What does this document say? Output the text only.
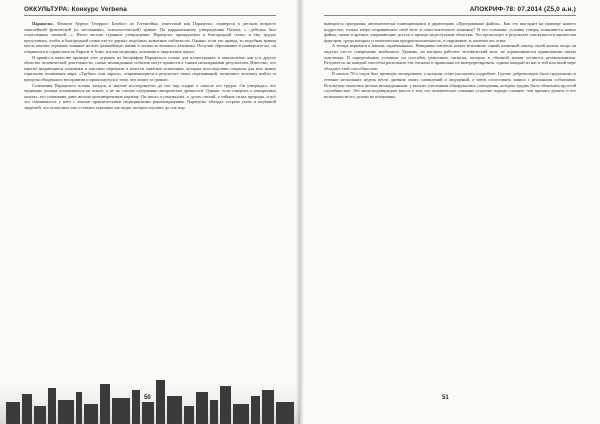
ОККУЛЬТУРА: Конкурс Verbena

Парацельс. Филипп Ауреол Теофраст Бомбаст из Гогенгейма, известный как Парацельс, подвергся в детском возрасте тяжелейшей физической (и, несомненно, психологической) травме. По кардинальному утверждению Палека, «…дебелых был оскопленных свиньей…». Итого весьма странное утверждение: Парацельс принадлежал к благородной семье, и ему трудно представить, чтобы в благородной семье кто-то держал подобных животных поблизости. Однако, если это правда, то подобная травма могла оказать огромное влияние на всю дальнейшую жизнь и личность великого алхимика. Получив образование в университетах, он отправился в странствия по Европе и Азии, изучая медицину, алхимию и оккультные науки.

Я привёл в качестве примера этот отрывок из биографии Парацельса только для иллюстрации: в оккультизме, как и в других областях человеческой деятельности, самые неожиданные события могут привести к самым неожиданным результатам. Известно, что многие выдающиеся алхимики и мистики пережили в юности тяжёлые испытания, которые впоследствии открыли для них новые горизонты понимания мира. «Трубки» или «врата», открывающиеся в результате таких переживаний, позволяют человеку выйти за пределы обыденного восприятия и прикоснуться к тому, что лежит за гранью.

Сочинения Парацельса полны загадок, и многие исследователи до сих пор спорят о смысле его трудов. Он утверждал, что медицина должна основываться на опыте, а не на слепом следовании авторитетам древности. Однако, если говорить о конкретных опытах, его сочинения дают весьма противоречивую картину. Он писал о гомункулах, о духах стихий, о тайных силах природы, и всё это смешивалось у него с вполне практическими медицинскими рекомендациями. Парацельс обладал острым умом и неуёмной энергией, что позволило ему оставить огромное наследие, которое изучают до сих пор.

50
АПОКРИФ-78: 07.2014 (Z5,0 а.н.)

выводится программа, автоматически помещающаяся в директорию «Программные файлы». Как это выглядит на примере нашего подростка, только вчера отправившего свой мозг в самостоятельное плавание? В его сознании, условно говоря, появляются новые файлы, папки и ярлыки, открывающие доступ к прежде недоступным областям. Это происходит в результате совокупности множества факторов, среди которых и генетическая предрасположенность, и окружение, и, конечно же, опыт.

А теперь вернёмся к нашим «приёмникам». Наверняка читатель может вспомнить самый памятный эпизод своей жизни, когда он ощутил что-то совершенно необычное. Уровень, на котором работает человеческий мозг, не ограничивается привычными пятью чувствами. В определённых условиях он способен улавливать сигналы, которые в обычной жизни остаются незамеченными. Разумеется, не каждый способен распознать эти сигналы и правильно их интерпретировать, однако каждый из нас в той или иной мере обладает этой способностью.

В начале 70-х годов был проведён эксперимент, о котором стоит рассказать подробнее. Группе добровольцев было предложено в течение нескольких недель вести дневник своих сновидений и ощущений, а затем сопоставить записи с реальными событиями. Результаты оказались весьма неожиданными: у многих участников обнаружились совпадения, которые трудно было объяснить простой случайностью. Это лишь подтверждает мысль о том, что человеческое сознание устроено гораздо сложнее, чем принято думать, и что возможности его далеко не исчерпаны.

51
